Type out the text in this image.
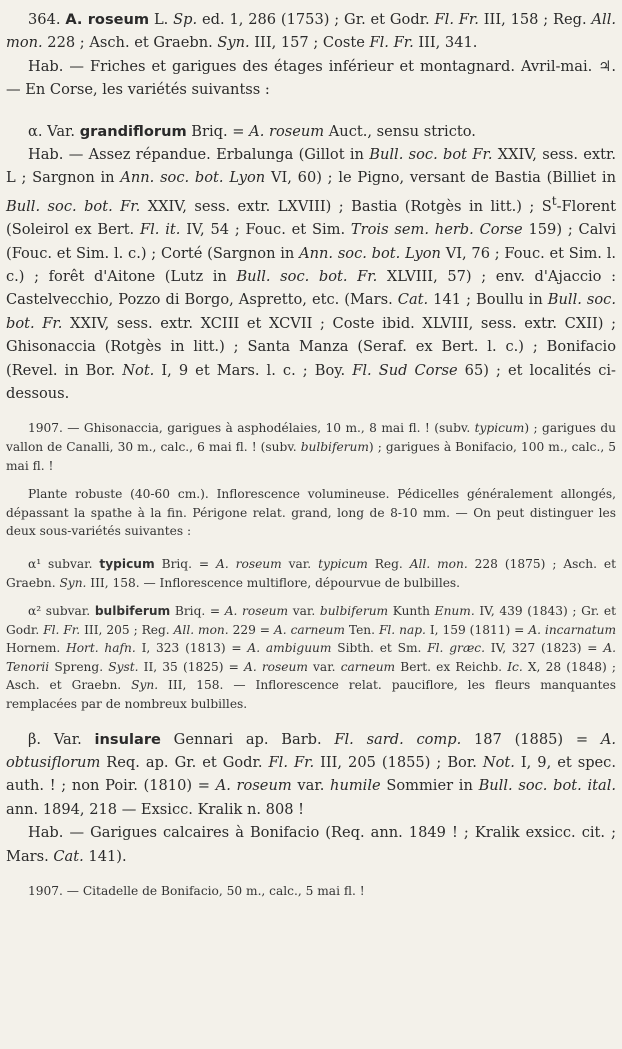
364. A. roseum L. Sp. ed. 1, 286 (1753) ; Gr. et Godr. Fl. Fr. III, 158 ; Reg. All. mon. 228 ; Asch. et Graebn. Syn. III, 157 ; Coste Fl. Fr. III, 341.

Hab. — Friches et garigues des étages inférieur et montagnard. Avril-mai. ♃. — En Corse, les variétés suivantss :

α. Var. grandiflorum Briq. = A. roseum Auct., sensu stricto.

Hab. — Assez répandue. Erbalunga (Gillot in Bull. soc. bot Fr. XXIV, sess. extr. L ; Sargnon in Ann. soc. bot. Lyon VI, 60) ; le Pigno, versant de Bastia (Billiet in Bull. soc. bot. Fr. XXIV, sess. extr. LXVIII) ; Bastia (Rotgès in litt.) ; $S^t$-Florent (Soleirol ex Bert. Fl. it. IV, 54 ; Fouc. et Sim. Trois sem. herb. Corse 159) ; Calvi (Fouc. et Sim. l. c.) ; Corté (Sargnon in Ann. soc. bot. Lyon VI, 76 ; Fouc. et Sim. l. c.) ; forêt d'Aitone (Lutz in Bull. soc. bot. Fr. XLVIII, 57) ; env. d'Ajaccio : Castelvecchio, Pozzo di Borgo, Aspretto, etc. (Mars. Cat. 141 ; Boullu in Bull. soc. bot. Fr. XXIV, sess. extr. XCIII et XCVII ; Coste ibid. XLVIII, sess. extr. CXII) ; Ghisonaccia (Rotgès in litt.) ; Santa Manza (Seraf. ex Bert. l. c.) ; Bonifacio (Revel. in Bor. Not. I, 9 et Mars. l. c. ; Boy. Fl. Sud Corse 65) ; et localités ci-dessous.

1907. — Ghisonaccia, garigues à asphodélaies, 10 m., 8 mai fl. ! (subv. typicum) ; garigues du vallon de Canalli, 30 m., calc., 6 mai fl. ! (subv. bulbiferum) ; garigues à Bonifacio, 100 m., calc., 5 mai fl. !

Plante robuste (40-60 cm.). Inflorescence volumineuse. Pédicelles généralement allongés, dépassant la spathe à la fin. Périgone relat. grand, long de 8-10 mm. — On peut distinguer les deux sous-variétés suivantes :

α¹ subvar. typicum Briq. = A. roseum var. typicum Reg. All. mon. 228 (1875) ; Asch. et Graebn. Syn. III, 158. — Inflorescence multiflore, dépourvue de bulbilles.

α² subvar. bulbiferum Briq. = A. roseum var. bulbiferum Kunth Enum. IV, 439 (1843) ; Gr. et Godr. Fl. Fr. III, 205 ; Reg. All. mon. 229 = A. carneum Ten. Fl. nap. I, 159 (1811) = A. incarnatum Hornem. Hort. hafn. I, 323 (1813) = A. ambiguum Sibth. et Sm. Fl. græc. IV, 327 (1823) = A. Tenorii Spreng. Syst. II, 35 (1825) = A. roseum var. carneum Bert. ex Reichb. Ic. X, 28 (1848) ; Asch. et Graebn. Syn. III, 158. — Inflorescence relat. pauciflore, les fleurs manquantes remplacées par de nombreux bulbilles.

β. Var. insulare Gennari ap. Barb. Fl. sard. comp. 187 (1885) = A. obtusiflorum Req. ap. Gr. et Godr. Fl. Fr. III, 205 (1855) ; Bor. Not. I, 9, et spec. auth. ! ; non Poir. (1810) = A. roseum var. humile Sommier in Bull. soc. bot. ital. ann. 1894, 218 — Exsicc. Kralik n. 808 !

Hab. — Garigues calcaires à Bonifacio (Req. ann. 1849 ! ; Kralik exsicc. cit. ; Mars. Cat. 141).

1907. — Citadelle de Bonifacio, 50 m., calc., 5 mai fl. !
